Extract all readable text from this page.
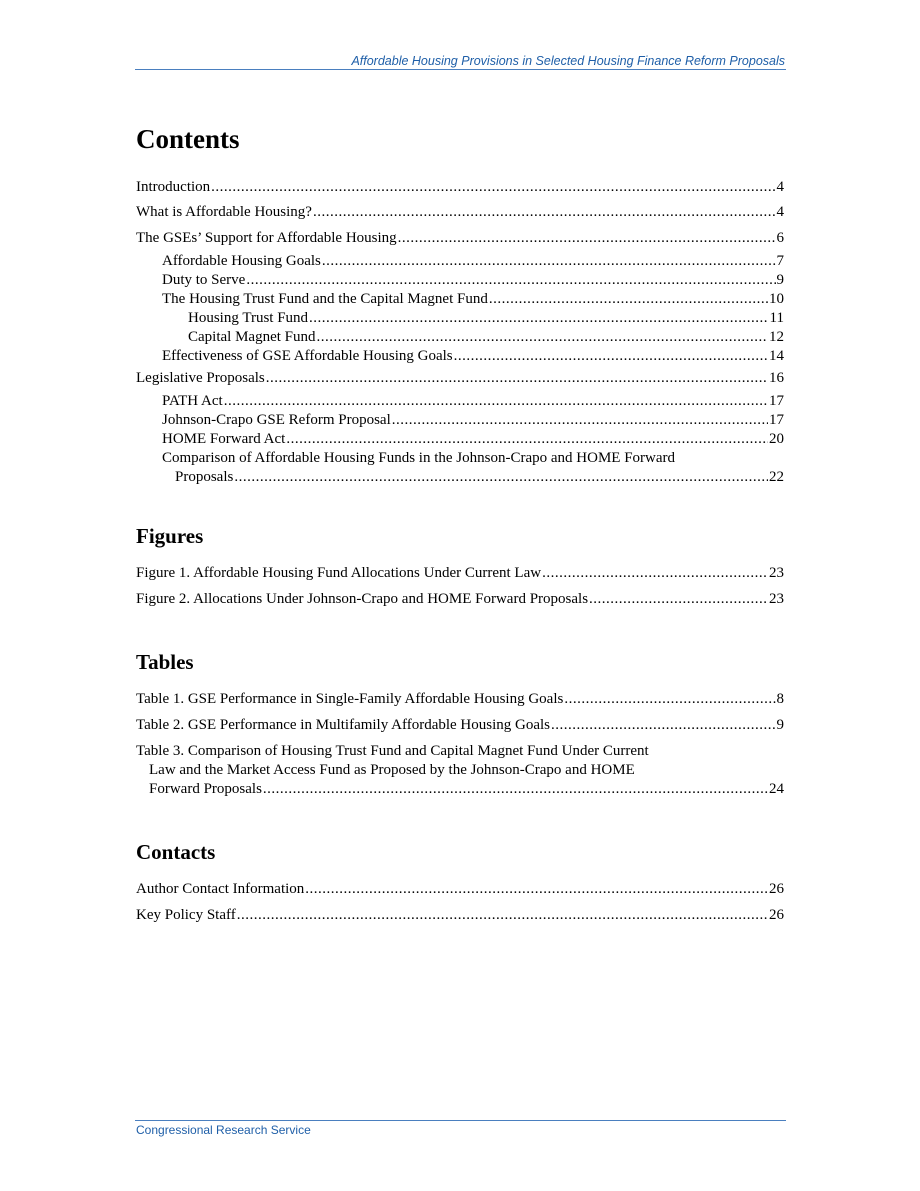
Affordable Housing Provisions in Selected Housing Finance Reform Proposals
Contents
Introduction .....	4
What is Affordable Housing? .....	4
The GSEs’ Support for Affordable Housing .....	6
Affordable Housing Goals .....	7
Duty to Serve .....	9
The Housing Trust Fund and the Capital Magnet Fund .....	10
Housing Trust Fund .....	11
Capital Magnet Fund .....	12
Effectiveness of GSE Affordable Housing Goals .....	14
Legislative Proposals .....	16
PATH Act .....	17
Johnson-Crapo GSE Reform Proposal .....	17
HOME Forward Act .....	20
Comparison of Affordable Housing Funds in the Johnson-Crapo and HOME Forward
Proposals .....	22
Figures
Figure 1. Affordable Housing Fund Allocations Under Current Law .....	23
Figure 2. Allocations Under Johnson-Crapo and HOME Forward Proposals .....	23
Tables
Table 1. GSE Performance in Single-Family Affordable Housing Goals .....	8
Table 2. GSE Performance in Multifamily Affordable Housing Goals .....	9
Table 3. Comparison of Housing Trust Fund and Capital Magnet Fund Under Current
Law and the Market Access Fund as Proposed by the Johnson-Crapo and HOME
Forward Proposals .....	24
Contacts
Author Contact Information .....	26
Key Policy Staff .....	26
Congressional Research Service
